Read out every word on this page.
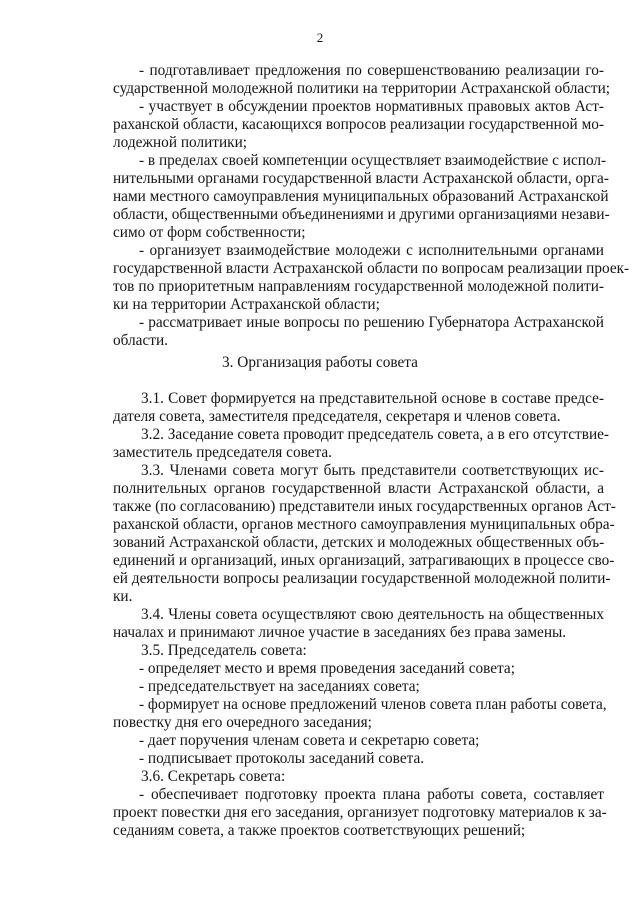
2
- подготавливает предложения по совершенствованию реализации го-
сударственной молодежной политики на территории Астраханской области;
- участвует в обсуждении проектов нормативных правовых актов Аст-
раханской области, касающихся вопросов реализации государственной мо-
лодежной политики;
- в пределах своей компетенции осуществляет взаимодействие с испол-
нительными органами государственной власти Астраханской области, орга-
нами местного самоуправления муниципальных образований Астраханской
области, общественными объединениями и другими организациями незави-
симо от форм собственности;
- организует взаимодействие молодежи с исполнительными органами
государственной власти Астраханской области по вопросам реализации проек-
тов по приоритетным направлениям государственной молодежной полити-
ки на территории Астраханской области;
- рассматривает иные вопросы по решению Губернатора Астраханской
области.
3.1. Совет формируется на представительной основе в составе предсе-
дателя совета, заместителя председателя, секретаря и членов совета.
3.2. Заседание совета проводит председатель совета, а в его отсутствие-
заместитель председателя совета.
3.3. Членами совета могут быть представители соответствующих ис-
полнительных органов государственной власти Астраханской области, а
также (по согласованию) представители иных государственных органов Аст-
раханской области, органов местного самоуправления муниципальных обра-
зований Астраханской области, детских и молодежных общественных объ-
единений и организаций, иных организаций, затрагивающих в процессе сво-
ей деятельности вопросы реализации государственной молодежной полити-
ки.
3.4. Члены совета осуществляют свою деятельность на общественных
началах и принимают личное участие в заседаниях без права замены.
3.5. Председатель совета:
- определяет место и время проведения заседаний совета;
- председательствует на заседаниях совета;
- формирует на основе предложений членов совета план работы совета,
повестку дня его очередного заседания;
- дает поручения членам совета и секретарю совета;
- подписывает протоколы заседаний совета.
3.6. Секретарь совета:
- обеспечивает подготовку проекта плана работы совета, составляет
проект повестки дня его заседания, организует подготовку материалов к за-
седаниям совета, а также проектов соответствующих решений;
3. Организация работы совета
